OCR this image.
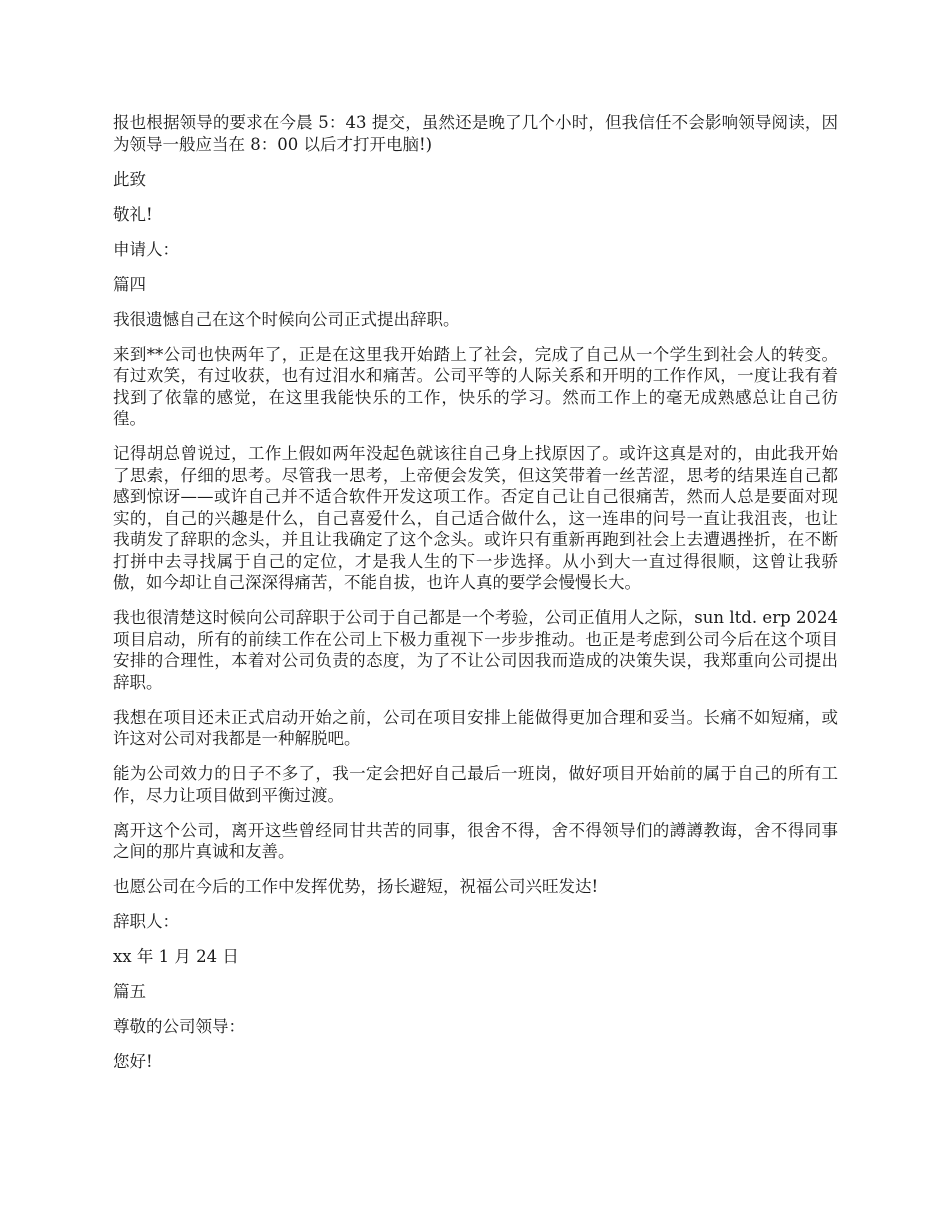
报也根据领导的要求在今晨 5：43 提交，虽然还是晚了几个小时，但我信任不会影响领导阅读，因为领导一般应当在 8：00 以后才打开电脑!)

此致

敬礼!

申请人：

篇四

我很遗憾自己在这个时候向公司正式提出辞职。

来到**公司也快两年了，正是在这里我开始踏上了社会，完成了自己从一个学生到社会人的转变。有过欢笑，有过收获，也有过泪水和痛苦。公司平等的人际关系和开明的工作作风，一度让我有着找到了依靠的感觉，在这里我能快乐的工作，快乐的学习。然而工作上的毫无成熟感总让自己彷徨。

记得胡总曾说过，工作上假如两年没起色就该往自己身上找原因了。或许这真是对的，由此我开始了思索，仔细的思考。尽管我一思考，上帝便会发笑，但这笑带着一丝苦涩，思考的结果连自己都感到惊讶——或许自己并不适合软件开发这项工作。否定自己让自己很痛苦，然而人总是要面对现实的，自己的兴趣是什么，自己喜爱什么，自己适合做什么，这一连串的问号一直让我沮丧，也让我萌发了辞职的念头，并且让我确定了这个念头。或许只有重新再跑到社会上去遭遇挫折，在不断打拼中去寻找属于自己的定位，才是我人生的下一步选择。从小到大一直过得很顺，这曾让我骄傲，如今却让自己深深得痛苦，不能自拔，也许人真的要学会慢慢长大。

我也很清楚这时候向公司辞职于公司于自己都是一个考验，公司正值用人之际，sun ltd. erp 2024 项目启动，所有的前续工作在公司上下极力重视下一步步推动。也正是考虑到公司今后在这个项目安排的合理性，本着对公司负责的态度，为了不让公司因我而造成的决策失误，我郑重向公司提出辞职。

我想在项目还未正式启动开始之前，公司在项目安排上能做得更加合理和妥当。长痛不如短痛，或许这对公司对我都是一种解脱吧。

能为公司效力的日子不多了，我一定会把好自己最后一班岗，做好项目开始前的属于自己的所有工作，尽力让项目做到平衡过渡。

离开这个公司，离开这些曾经同甘共苦的同事，很舍不得，舍不得领导们的譐譐教诲，舍不得同事之间的那片真诚和友善。

也愿公司在今后的工作中发挥优势，扬长避短，祝福公司兴旺发达!

辞职人：

xx 年 1 月 24 日

篇五

尊敬的公司领导：

您好!
